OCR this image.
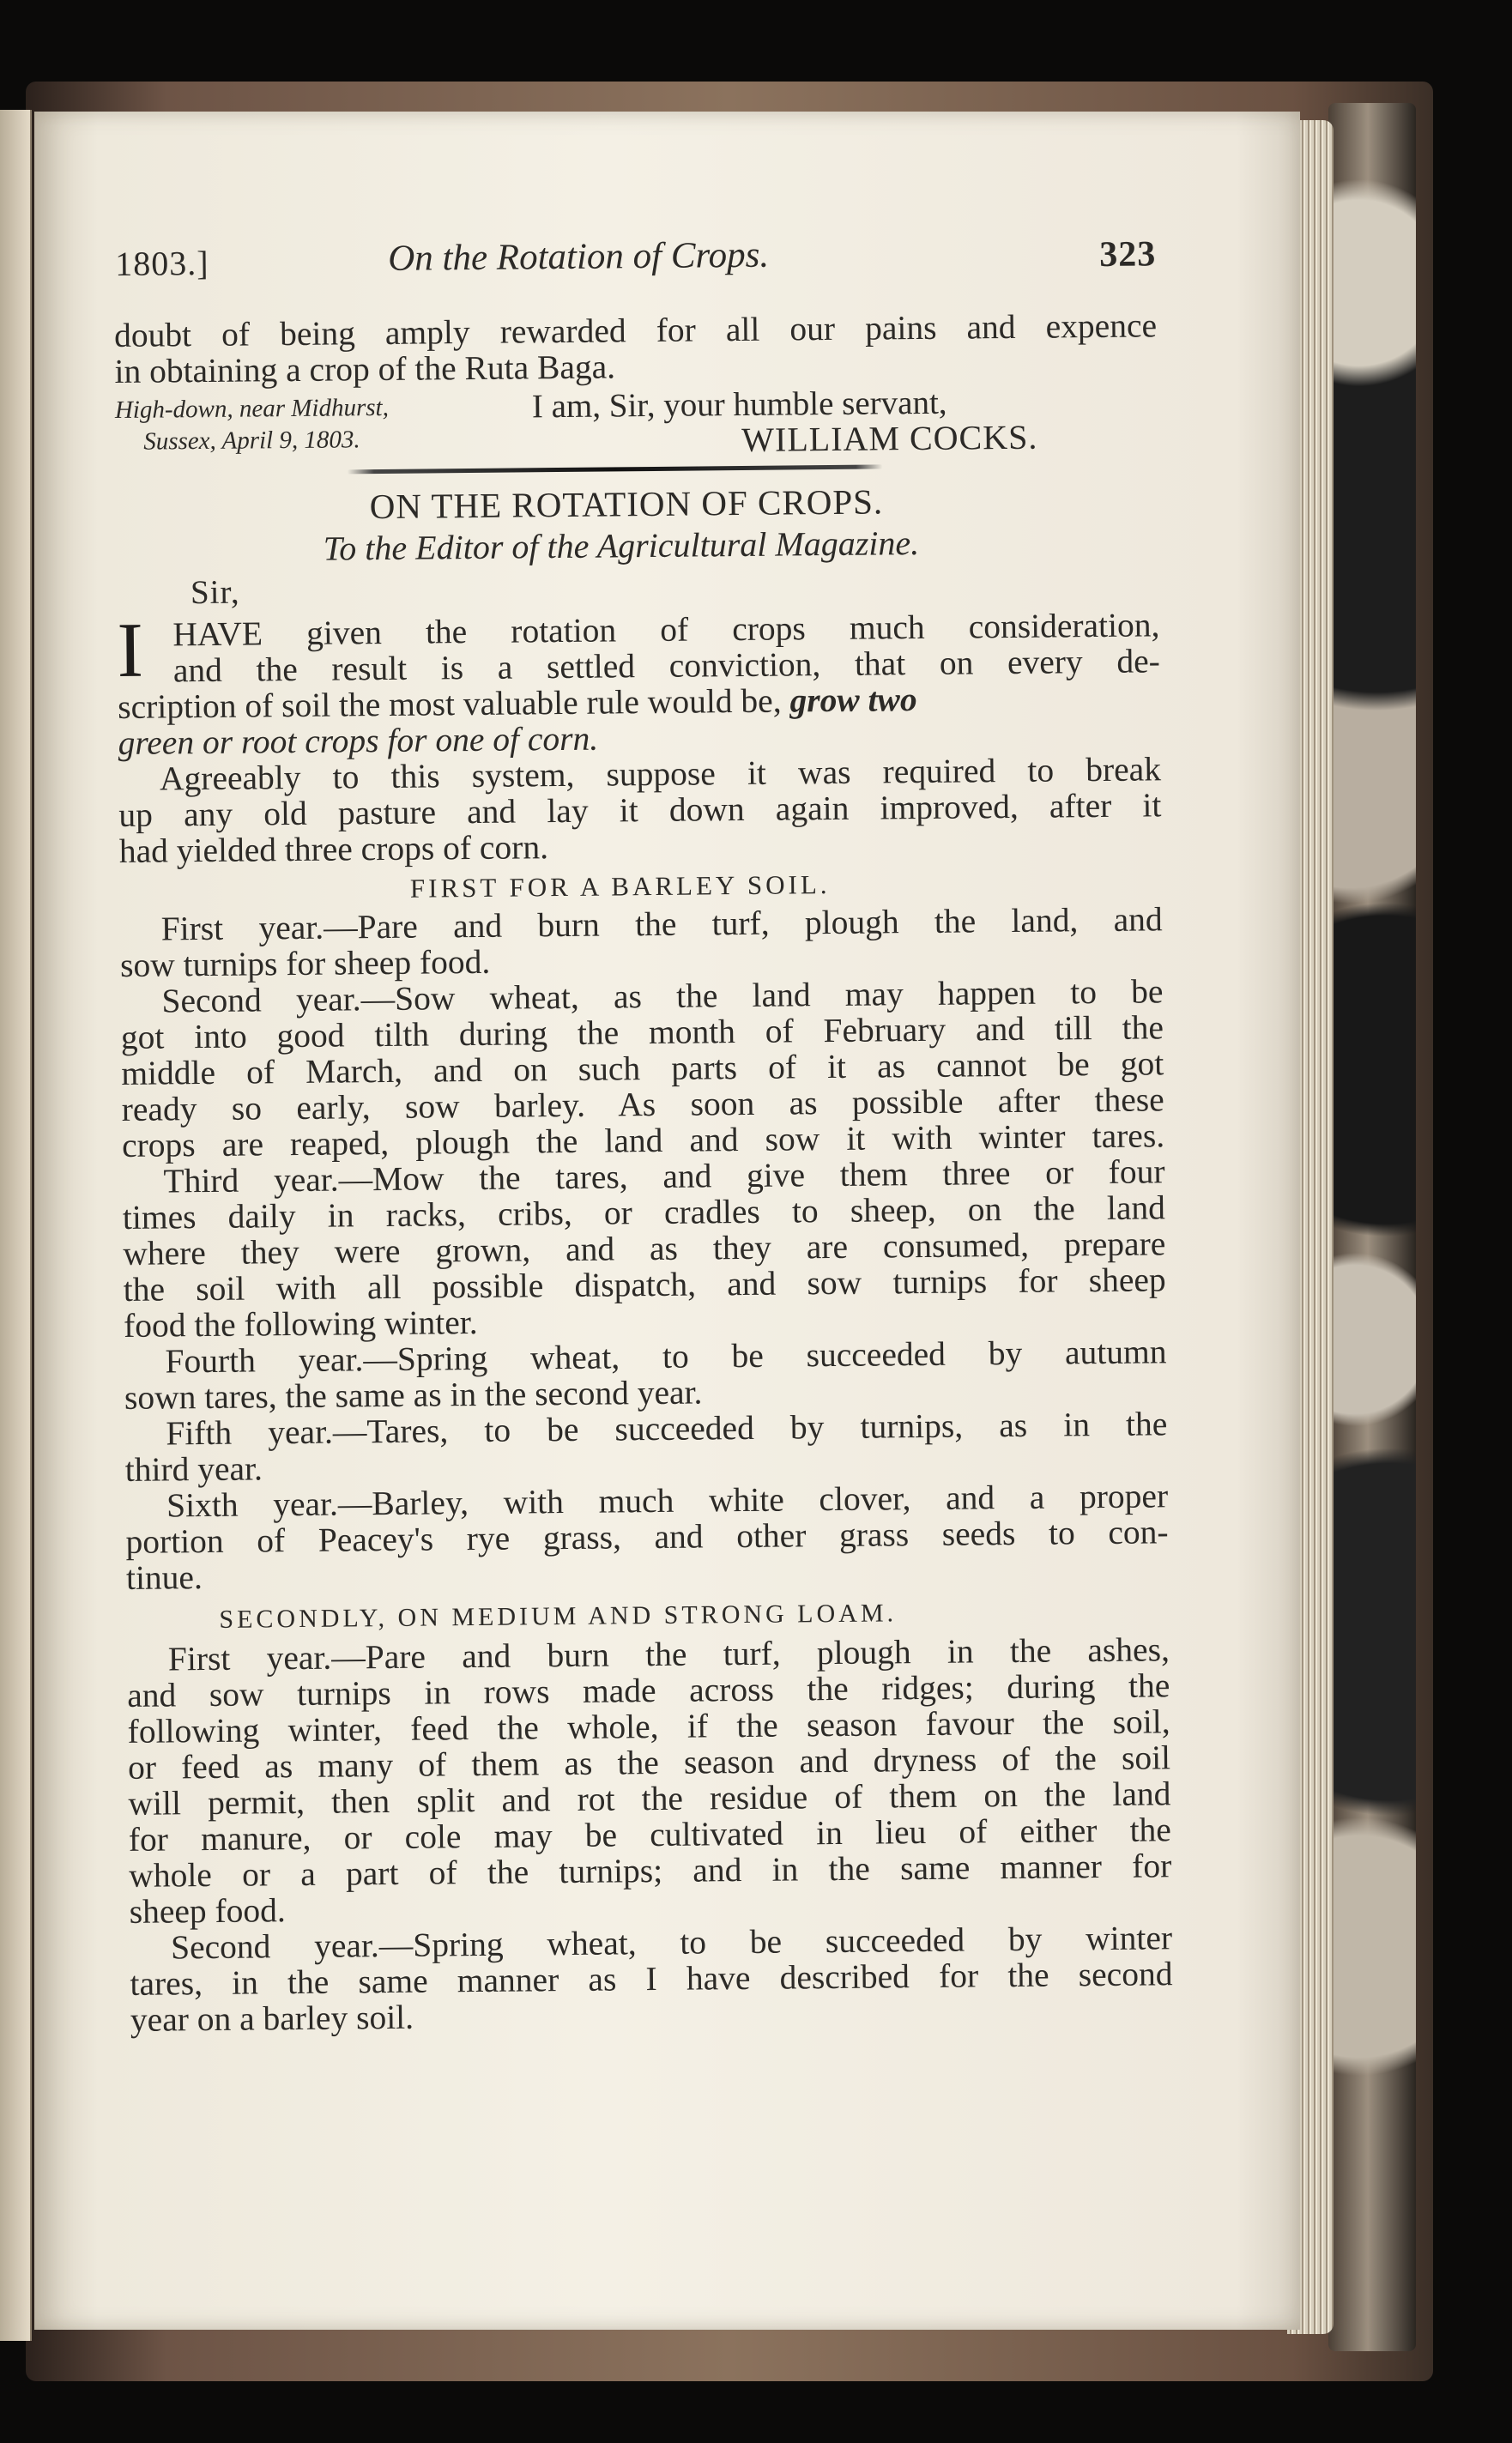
1803.]	On the Rotation of Crops.	323
doubt of being amply rewarded for all our pains and expence
in obtaining a crop of the Ruta Baga.
High-down, near Midhurst,
Sussex, April 9, 1803.
I am, Sir, your humble servant,
WILLIAM COCKS.
ON THE ROTATION OF CROPS.
To the Editor of the Agricultural Magazine.
Sir,
I HAVE given the rotation of crops much consideration,
and the result is a settled conviction, that on every de-
scription of soil the most valuable rule would be, grow two
green or root crops for one of corn.
Agreeably to this system, suppose it was required to break
up any old pasture and lay it down again improved, after it
had yielded three crops of corn.
FIRST FOR A BARLEY SOIL.
First year.—Pare and burn the turf, plough the land, and
sow turnips for sheep food.
Second year.—Sow wheat, as the land may happen to be
got into good tilth during the month of February and till the
middle of March, and on such parts of it as cannot be got
ready so early, sow barley. As soon as possible after these
crops are reaped, plough the land and sow it with winter tares.
Third year.—Mow the tares, and give them three or four
times daily in racks, cribs, or cradles to sheep, on the land
where they were grown, and as they are consumed, prepare
the soil with all possible dispatch, and sow turnips for sheep
food the following winter.
Fourth year.—Spring wheat, to be succeeded by autumn
sown tares, the same as in the second year.
Fifth year.—Tares, to be succeeded by turnips, as in the
third year.
Sixth year.—Barley, with much white clover, and a proper
portion of Peacey's rye grass, and other grass seeds to con-
tinue.
SECONDLY, ON MEDIUM AND STRONG LOAM.
First year.—Pare and burn the turf, plough in the ashes,
and sow turnips in rows made across the ridges; during the
following winter, feed the whole, if the season favour the soil,
or feed as many of them as the season and dryness of the soil
will permit, then split and rot the residue of them on the land
for manure, or cole may be cultivated in lieu of either the
whole or a part of the turnips; and in the same manner for
sheep food.
Second year.—Spring wheat, to be succeeded by winter
tares, in the same manner as I have described for the second
year on a barley soil.
